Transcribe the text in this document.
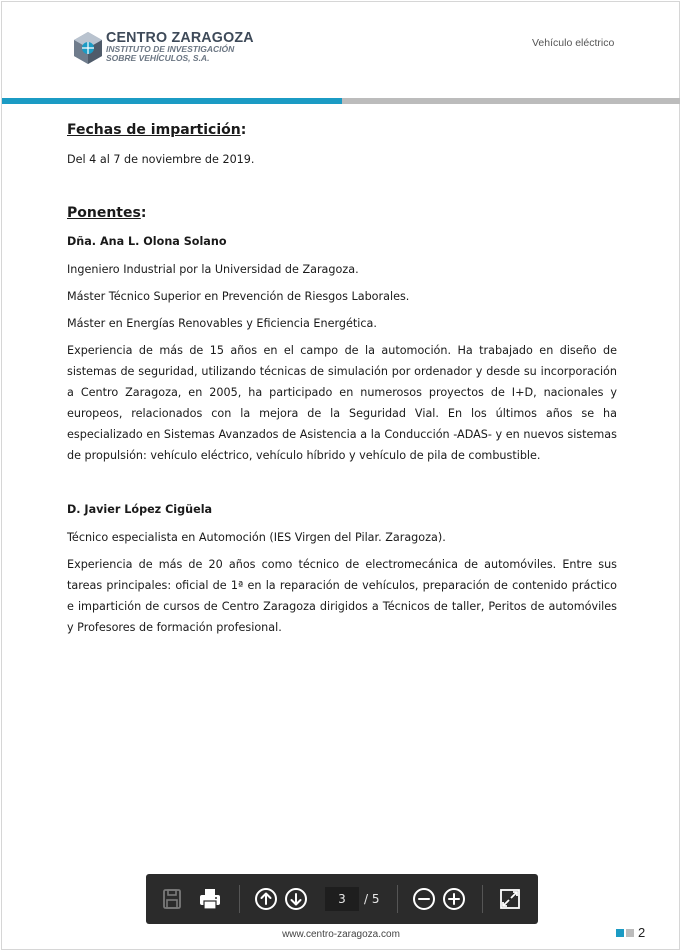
CENTRO ZARAGOZA
INSTITUTO DE INVESTIGACIÓN
SOBRE VEHÍCULOS, S.A.
Vehículo eléctrico
Fechas de impartición:

Del 4 al 7 de noviembre de 2019.

Ponentes:

Dña. Ana L. Olona Solano

Ingeniero Industrial por la Universidad de Zaragoza.

Máster Técnico Superior en Prevención de Riesgos Laborales.

Máster en Energías Renovables y Eficiencia Energética.

Experiencia de más de 15 años en el campo de la automoción. Ha trabajado en diseño de sistemas de seguridad, utilizando técnicas de simulación por ordenador y desde su incorporación a Centro Zaragoza, en 2005, ha participado en numerosos proyectos de I+D, nacionales y europeos, relacionados con la mejora de la Seguridad Vial. En los últimos años se ha especializado en Sistemas Avanzados de Asistencia a la Conducción -ADAS- y en nuevos sistemas de propulsión: vehículo eléctrico, vehículo híbrido y vehículo de pila de combustible.

D. Javier López Cigüela

Técnico especialista en Automoción (IES Virgen del Pilar. Zaragoza).

Experiencia de más de 20 años como técnico de electromecánica de automóviles. Entre sus tareas principales: oficial de 1ª en la reparación de vehículos, preparación de contenido práctico e impartición de cursos de Centro Zaragoza dirigidos a Técnicos de taller, Peritos de automóviles y Profesores de formación profesional.

3	/ 5
www.centro-zaragoza.com	2
